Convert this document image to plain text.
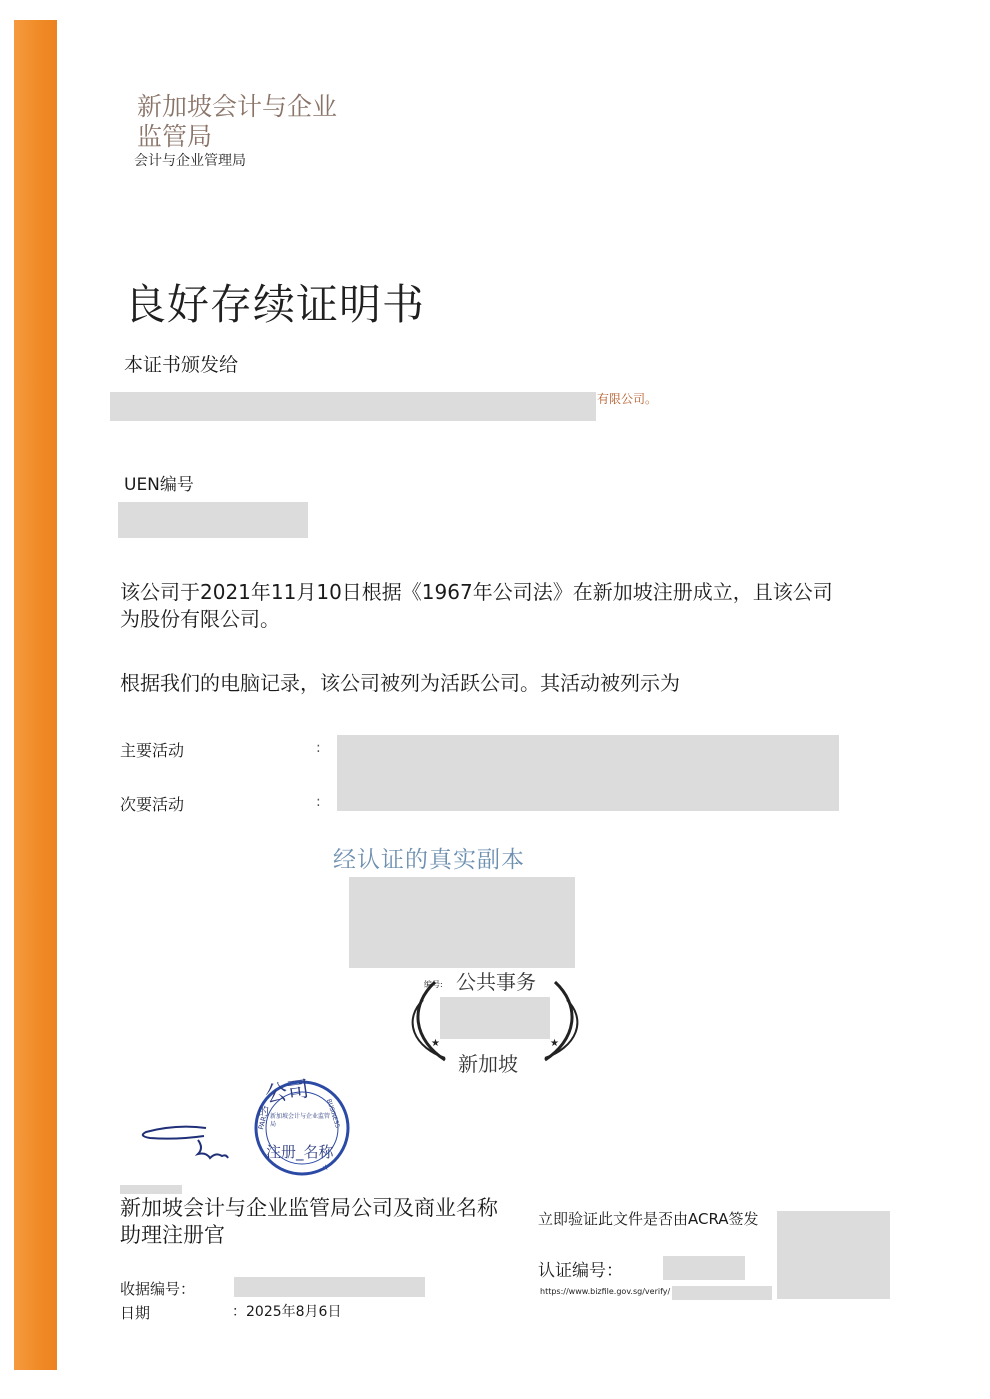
新加坡会计与企业监管局
会计与企业管理局
良好存续证明书
本证书颁发给
有限公司。
UEN编号
该公司于2021年11月10日根据《1967年公司法》在新加坡注册成立，且该公司为股份有限公司。
根据我们的电脑记录，该公司被列为活跃公司。其活动被列示为
主要活动	:
次要活动	:
经认证的真实副本
★	★
编号: 公共事务
新加坡
★
公司
的 新加坡会计与企业监管局
注册_名称
PAR	BUSINESS
新加坡会计与企业监管局公司及商业名称助理注册官
收据编号：
日期	：2025年8月6日
立即验证此文件是否由ACRA签发
认证编号：
https://www.bizfile.gov.sg/verify/
